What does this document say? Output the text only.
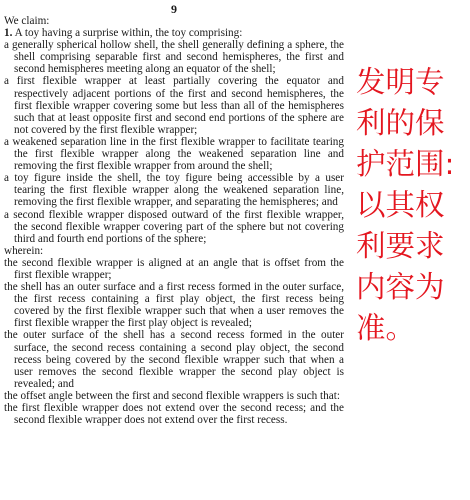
9

We claim:

1. A toy having a surprise within, the toy comprising:

a generally spherical hollow shell, the shell generally defining a sphere, the shell comprising separable first and second hemispheres, the first and second hemispheres meeting along an equator of the shell;

a first flexible wrapper at least partially covering the equator and respectively adjacent portions of the first and second hemispheres, the first flexible wrapper covering some but less than all of the hemispheres such that at least opposite first and second end portions of the sphere are not covered by the first flexible wrapper;

a weakened separation line in the first flexible wrapper to facilitate tearing the first flexible wrapper along the weakened separation line and removing the first flexible wrapper from around the shell;

a toy figure inside the shell, the toy figure being accessible by a user tearing the first flexible wrapper along the weakened separation line, removing the first flexible wrapper, and separating the hemispheres; and

a second flexible wrapper disposed outward of the first flexible wrapper, the second flexible wrapper covering part of the sphere but not covering third and fourth end portions of the sphere;

wherein:

the second flexible wrapper is aligned at an angle that is offset from the first flexible wrapper;

the shell has an outer surface and a first recess formed in the outer surface, the first recess containing a first play object, the first recess being covered by the first flexible wrapper such that when a user removes the first flexible wrapper the first play object is revealed;

the outer surface of the shell has a second recess formed in the outer surface, the second recess containing a second play object, the second recess being covered by the second flexible wrapper such that when a user removes the second flexible wrapper the second play object is revealed; and

the offset angle between the first and second flexible wrappers is such that:

the first flexible wrapper does not extend over the second recess; and the second flexible wrapper does not extend over the first recess.

发明专利的保护范围:以其权利要求内容为准。
